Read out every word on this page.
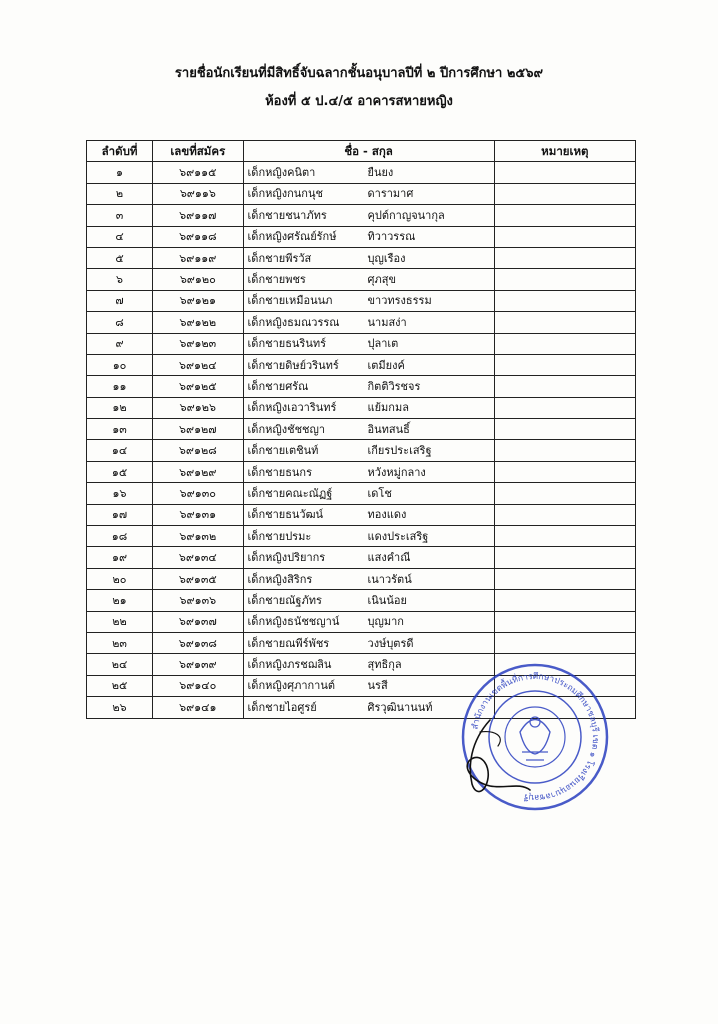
รายชื่อนักเรียนที่มีสิทธิ์จับฉลากชั้นอนุบาลปีที่ ๒ ปีการศึกษา ๒๕๖๙
ห้องที่ ๕ ป.๔/๕ อาคารสหายหญิง
ลำดับที่	เลขที่สมัคร	ชื่อ - สกุล		หมายเหตุ
๑	๖๙๑๑๕	เด็กหญิงคนิตา	ยืนยง	
๒	๖๙๑๑๖	เด็กหญิงกนกนุช	ดารามาศ	
๓	๖๙๑๑๗	เด็กชายชนาภัทร	คุปต์กาญจนากุล	
๔	๖๙๑๑๘	เด็กหญิงศรัณย์รักษ์	ทิวาวรรณ	
๕	๖๙๑๑๙	เด็กชายพีรวัส	บุญเรือง	
๖	๖๙๑๒๐	เด็กชายพชร	ศุภสุข	
๗	๖๙๑๒๑	เด็กชายเหมือนนภ	ขาวทรงธรรม	
๘	๖๙๑๒๒	เด็กหญิงธมณวรรณ	นามสง่า	
๙	๖๙๑๒๓	เด็กชายธนรินทร์	ปุลาเต	
๑๐	๖๙๑๒๔	เด็กชายดิษย์วรินทร์	เตมียงค์	
๑๑	๖๙๑๒๕	เด็กชายศรัณ	กิตติวิรชจร	
๑๒	๖๙๑๒๖	เด็กหญิงเอวารินทร์	แย้มกมล	
๑๓	๖๙๑๒๗	เด็กหญิงชัชชญา	อินทสนธิ์	
๑๔	๖๙๑๒๘	เด็กชายเตชินท์	เกียรประเสริฐ	
๑๕	๖๙๑๒๙	เด็กชายธนกร	หวังหมู่กลาง	
๑๖	๖๙๑๓๐	เด็กชายคณะณัฏฐ์	เดโช	
๑๗	๖๙๑๓๑	เด็กชายธนวัฒน์	ทองแดง	
๑๘	๖๙๑๓๒	เด็กชายปรมะ	แดงประเสริฐ	
๑๙	๖๙๑๓๔	เด็กหญิงปริยากร	แสงคำณี	
๒๐	๖๙๑๓๕	เด็กหญิงสิริกร	เนาวรัตน์	
๒๑	๖๙๑๓๖	เด็กชายณัฐภัทร	เนินน้อย	
๒๒	๖๙๑๓๗	เด็กหญิงธนัชชญาน์	บุญมาก	
๒๓	๖๙๑๓๘	เด็กชายณพีร์พัชร	วงษ์บุตรดี	
๒๔	๖๙๑๓๙	เด็กหญิงภรชฌลิน	สุทธิกุล	
๒๕	๖๙๑๔๐	เด็กหญิงศุภากานต์	นรสี	
๒๖	๖๙๑๔๑	เด็กชายไอศูรย์	ศิรวุฒินานนท์	
สำนักงานเขตพื้นที่การศึกษาประถมศึกษาชลบุรี เขต ๑ โรงเรียนอนุบาลชลบุรี
